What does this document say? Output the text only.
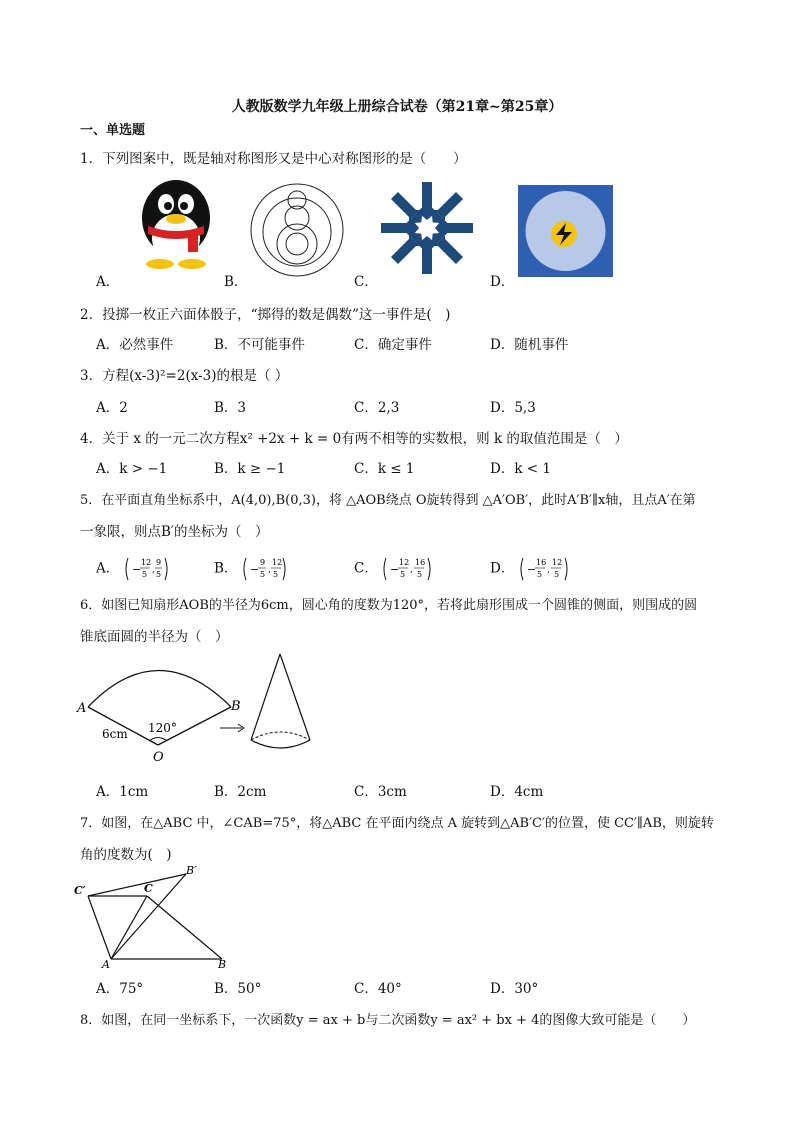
人教版数学九年级上册综合试卷（第21章~第25章）
一、单选题
1．下列图案中，既是轴对称图形又是中心对称图形的是（　　）
A．	B．	C．	D．
2．投掷一枚正六面体骰子，“掷得的数是偶数”这一事件是(　)
A．必然事件	B．不可能事件	C．确定事件	D．随机事件
3．方程(x-3)²=2(x-3)的根是（ ）
A．2	B．3	C．2,3	D．5,3
4．关于 x 的一元二次方程x² +2x + k = 0有两不相等的实数根，则 k 的取值范围是（　）
A．k > −1	B．k ≥ −1	C．k ≤ 1	D．k < 1
5．在平面直角坐标系中，A(4,0),B(0,3)，将 △AOB绕点 O旋转得到 △A′OB′，此时A′B′∥x轴，且点A′在第
一象限，则点B′的坐标为（　）
A． −
12
5 ,
9
5	B． −
9
5 ,
12
5	C． −
12
5 ,
16
5	D． −
16
5 ,
12
5
6．如图已知扇形AOB的半径为6cm，圆心角的度数为120°，若将此扇形围成一个圆锥的侧面，则围成的圆
锥底面圆的半径为（　）
A	B
O
6cm 120°
A．1cm	B．2cm	C．3cm	D．4cm
7．如图，在△ABC 中，∠CAB=75°，将△ABC 在平面内绕点 A 旋转到△AB′C′的位置，使 CC′∥AB，则旋转
角的度数为(　)
C′	C
B′
A	B
A．75°	B．50°	C．40°	D．30°
8．如图，在同一坐标系下，一次函数y = ax + b与二次函数y = ax² + bx + 4的图像大致可能是（　　）
